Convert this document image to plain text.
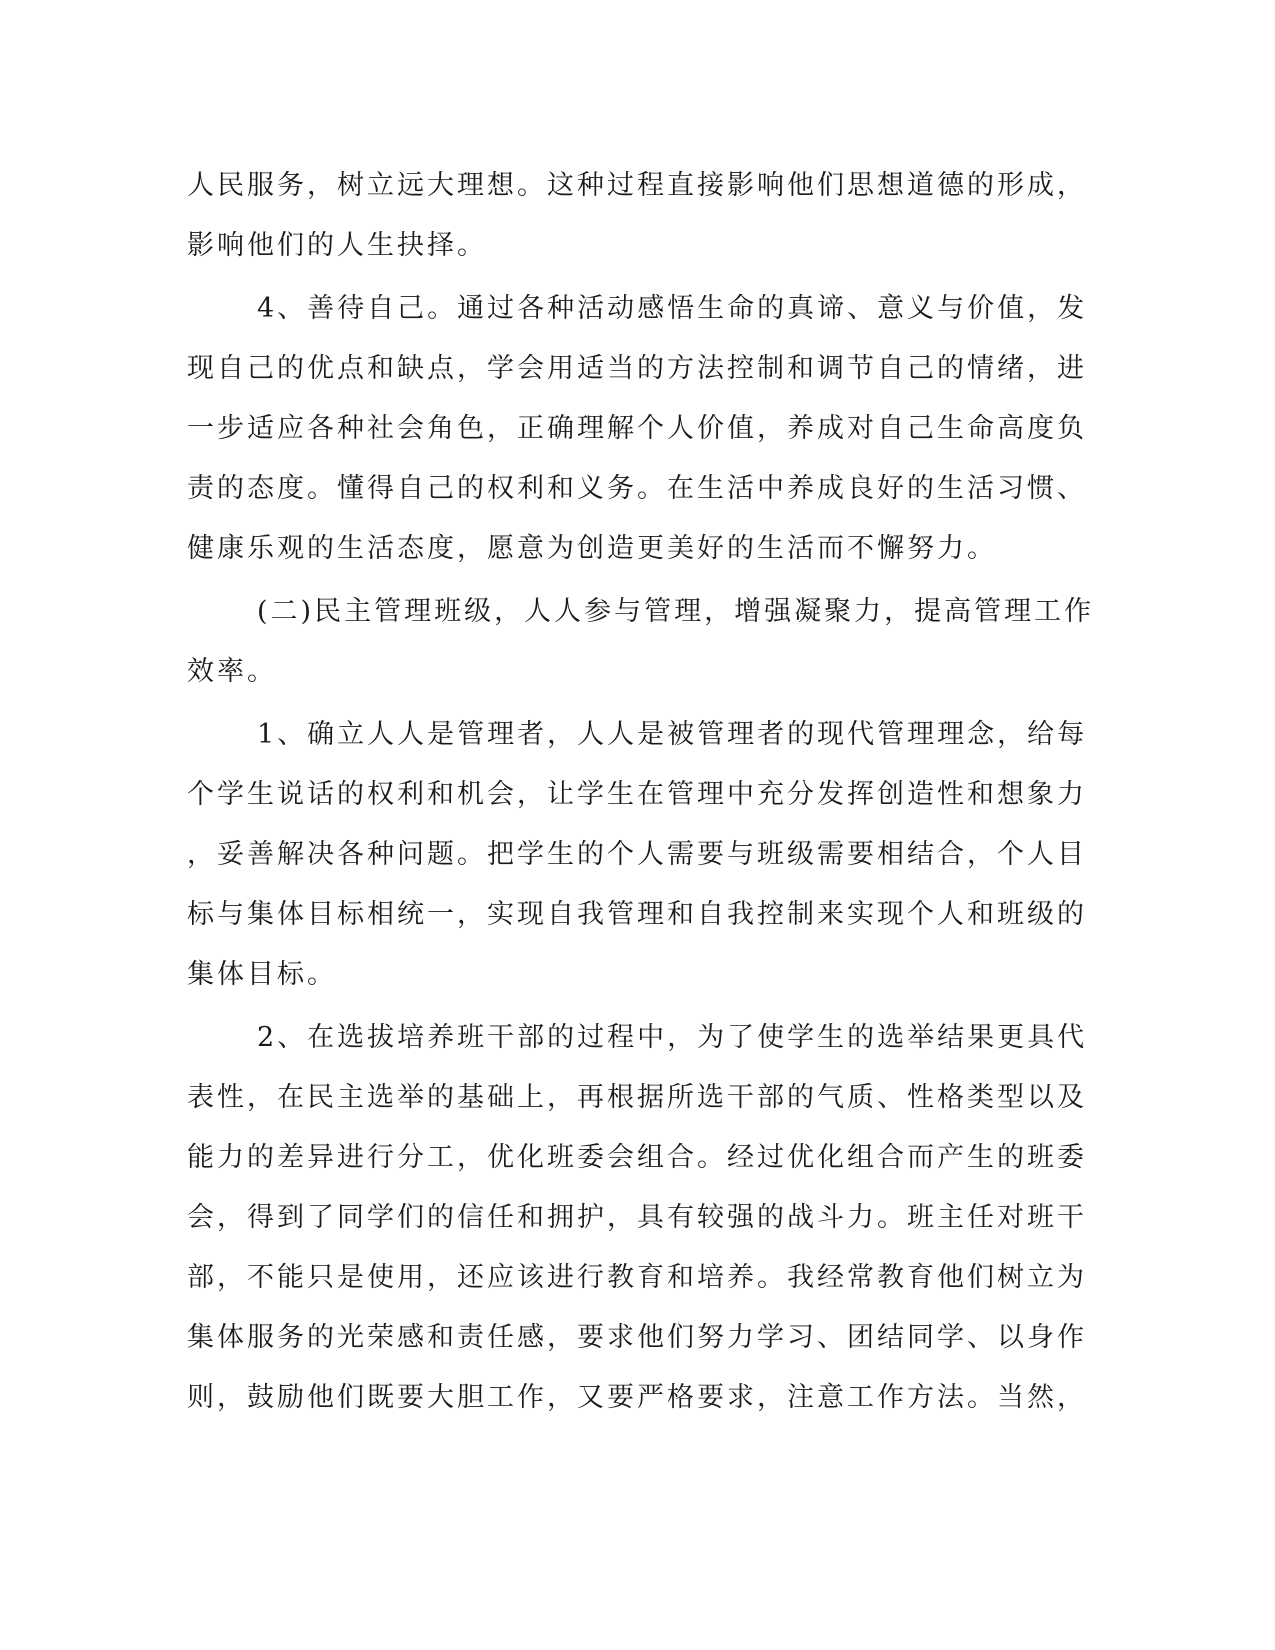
人民服务，树立远大理想。这种过程直接影响他们思想道德的形成，
影响他们的人生抉择。
4、善待自己。通过各种活动感悟生命的真谛、意义与价值，发
现自己的优点和缺点，学会用适当的方法控制和调节自己的情绪，进
一步适应各种社会角色，正确理解个人价值，养成对自己生命高度负
责的态度。懂得自己的权利和义务。在生活中养成良好的生活习惯、
健康乐观的生活态度，愿意为创造更美好的生活而不懈努力。
(二)民主管理班级，人人参与管理，增强凝聚力，提高管理工作
效率。
1、确立人人是管理者，人人是被管理者的现代管理理念，给每
个学生说话的权利和机会，让学生在管理中充分发挥创造性和想象力
，妥善解决各种问题。把学生的个人需要与班级需要相结合，个人目
标与集体目标相统一，实现自我管理和自我控制来实现个人和班级的
集体目标。
2、在选拔培养班干部的过程中，为了使学生的选举结果更具代
表性，在民主选举的基础上，再根据所选干部的气质、性格类型以及
能力的差异进行分工，优化班委会组合。经过优化组合而产生的班委
会，得到了同学们的信任和拥护，具有较强的战斗力。班主任对班干
部，不能只是使用，还应该进行教育和培养。我经常教育他们树立为
集体服务的光荣感和责任感，要求他们努力学习、团结同学、以身作
则，鼓励他们既要大胆工作，又要严格要求，注意工作方法。当然，
